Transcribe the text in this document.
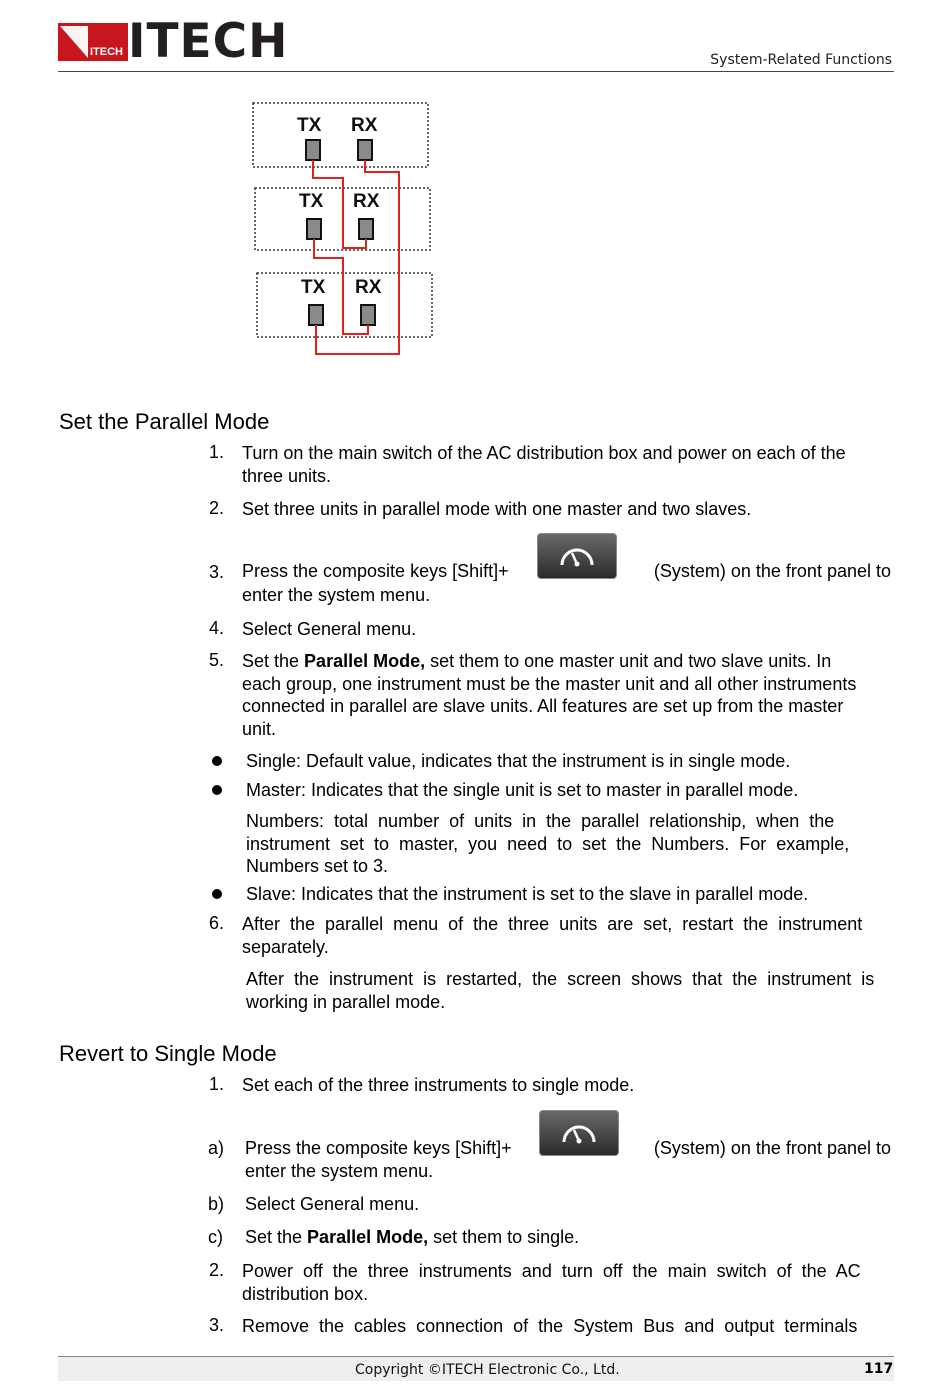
ITECH ITECH	System-Related Functions
TX RX
TX RX
TX RX
Set the Parallel Mode
1. Turn on the main switch of the AC distribution box and power on each of the
three units.
2. Set three units in parallel mode with one master and two slaves.
3. Press the composite keys [Shift]+	(System) on the front panel to
enter the system menu.
4. Select General menu.
5. Set the Parallel Mode, set them to one master unit and two slave units. In
each group, one instrument must be the master unit and all other instruments
connected in parallel are slave units. All features are set up from the master
unit.
Single: Default value, indicates that the instrument is in single mode.
Master: Indicates that the single unit is set to master in parallel mode.
Numbers:  total  number  of  units  in  the  parallel  relationship,  when  the
instrument  set  to  master,  you  need  to  set  the  Numbers.  For  example,
Numbers set to 3.
Slave: Indicates that the instrument is set to the slave in parallel mode.
6. After  the  parallel  menu  of  the  three  units  are  set,  restart  the  instrument
separately.
After  the  instrument  is  restarted,  the  screen  shows  that  the  instrument  is
working in parallel mode.
Revert to Single Mode
1. Set each of the three instruments to single mode.
a) Press the composite keys [Shift]+	(System) on the front panel to
enter the system menu.
b) Select General menu.
c) Set the Parallel Mode, set them to single.
2. Power  off  the  three  instruments  and  turn  off  the  main  switch  of  the  AC
distribution box.
3. Remove  the  cables  connection  of  the  System  Bus  and  output  terminals
Copyright ©ITECH Electronic Co., Ltd.	117
